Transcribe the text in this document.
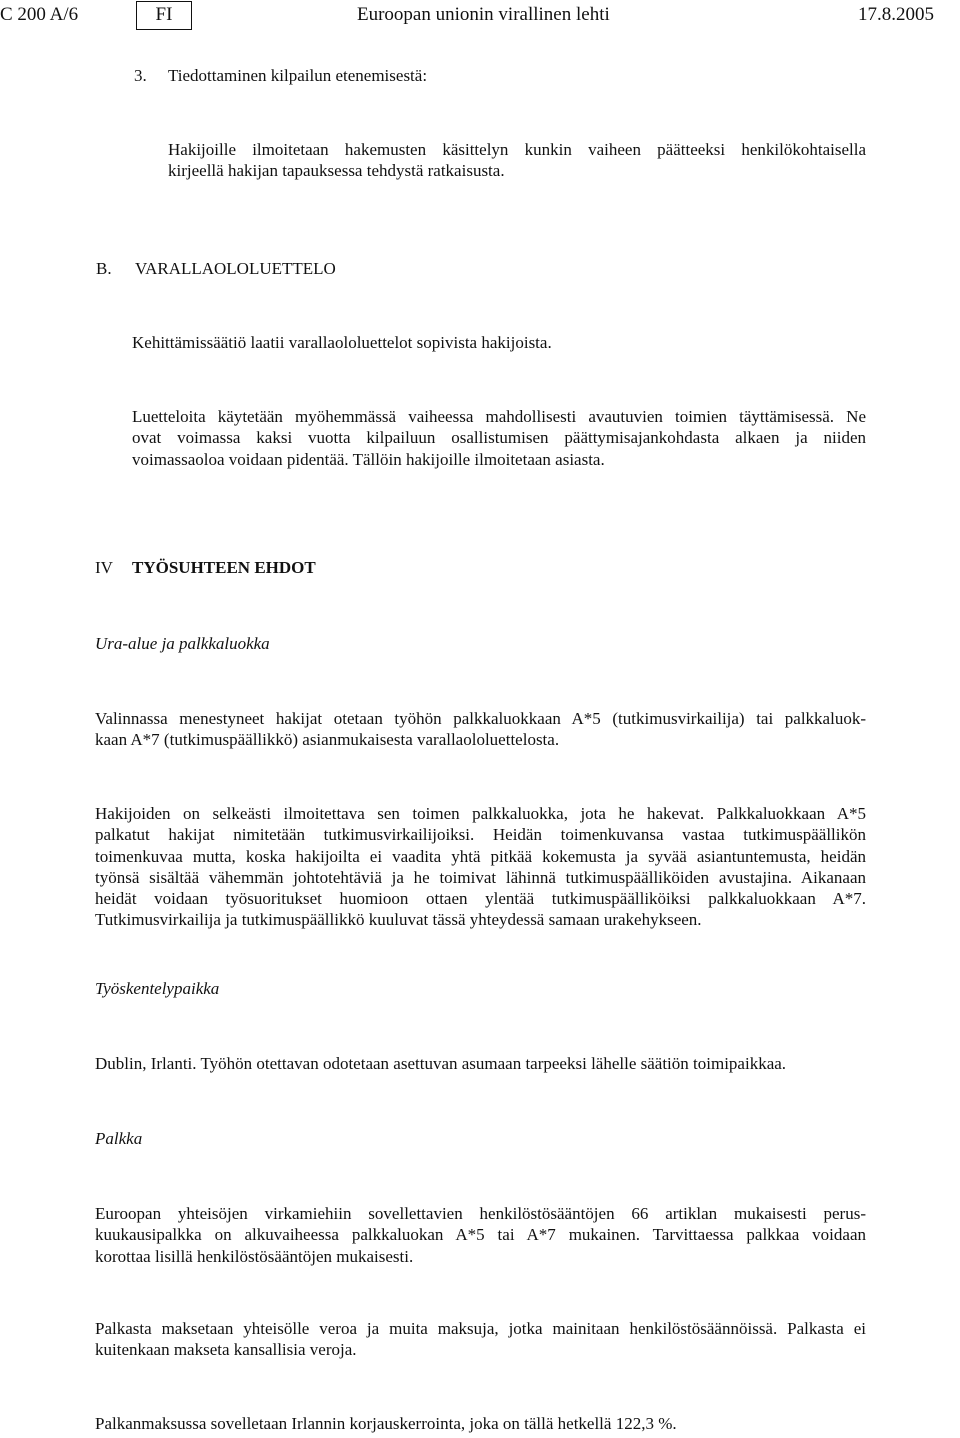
C 200 A/6	FI	Euroopan unionin virallinen lehti	17.8.2005
3. Tiedottaminen kilpailun etenemisestä:
Hakijoille ilmoitetaan hakemusten käsittelyn kunkin vaiheen päätteeksi henkilökohtaisella
kirjeellä hakijan tapauksessa tehdystä ratkaisusta.
B. VARALLAOLOLUETTELO
Kehittämissäätiö laatii varallaololuettelot sopivista hakijoista.
Luetteloita käytetään myöhemmässä vaiheessa mahdollisesti avautuvien toimien täyttämisessä. Ne
ovat voimassa kaksi vuotta kilpailuun osallistumisen päättymisajankohdasta alkaen ja niiden
voimassaoloa voidaan pidentää. Tällöin hakijoille ilmoitetaan asiasta.
IV TYÖSUHTEEN EHDOT
Ura-alue ja palkkaluokka
Valinnassa menestyneet hakijat otetaan työhön palkkaluokkaan A*5 (tutkimusvirkailija) tai palkkaluok-
kaan A*7 (tutkimuspäällikkö) asianmukaisesta varallaololuettelosta.
Hakijoiden on selkeästi ilmoitettava sen toimen palkkaluokka, jota he hakevat. Palkkaluokkaan A*5
palkatut hakijat nimitetään tutkimusvirkailijoiksi. Heidän toimenkuvansa vastaa tutkimuspäällikön
toimenkuvaa mutta, koska hakijoilta ei vaadita yhtä pitkää kokemusta ja syvää asiantuntemusta, heidän
työnsä sisältää vähemmän johtotehtäviä ja he toimivat lähinnä tutkimuspäälliköiden avustajina. Aikanaan
heidät voidaan työsuoritukset huomioon ottaen ylentää tutkimuspäälliköiksi palkkaluokkaan A*7.
Tutkimusvirkailija ja tutkimuspäällikkö kuuluvat tässä yhteydessä samaan urakehykseen.
Työskentelypaikka
Dublin, Irlanti. Työhön otettavan odotetaan asettuvan asumaan tarpeeksi lähelle säätiön toimipaikkaa.
Palkka
Euroopan yhteisöjen virkamiehiin sovellettavien henkilöstösääntöjen 66 artiklan mukaisesti perus-
kuukausipalkka on alkuvaiheessa palkkaluokan A*5 tai A*7 mukainen. Tarvittaessa palkkaa voidaan
korottaa lisillä henkilöstösääntöjen mukaisesti.
Palkasta maksetaan yhteisölle veroa ja muita maksuja, jotka mainitaan henkilöstösäännöissä. Palkasta ei
kuitenkaan makseta kansallisia veroja.
Palkanmaksussa sovelletaan Irlannin korjauskerrointa, joka on tällä hetkellä 122,3 %.
